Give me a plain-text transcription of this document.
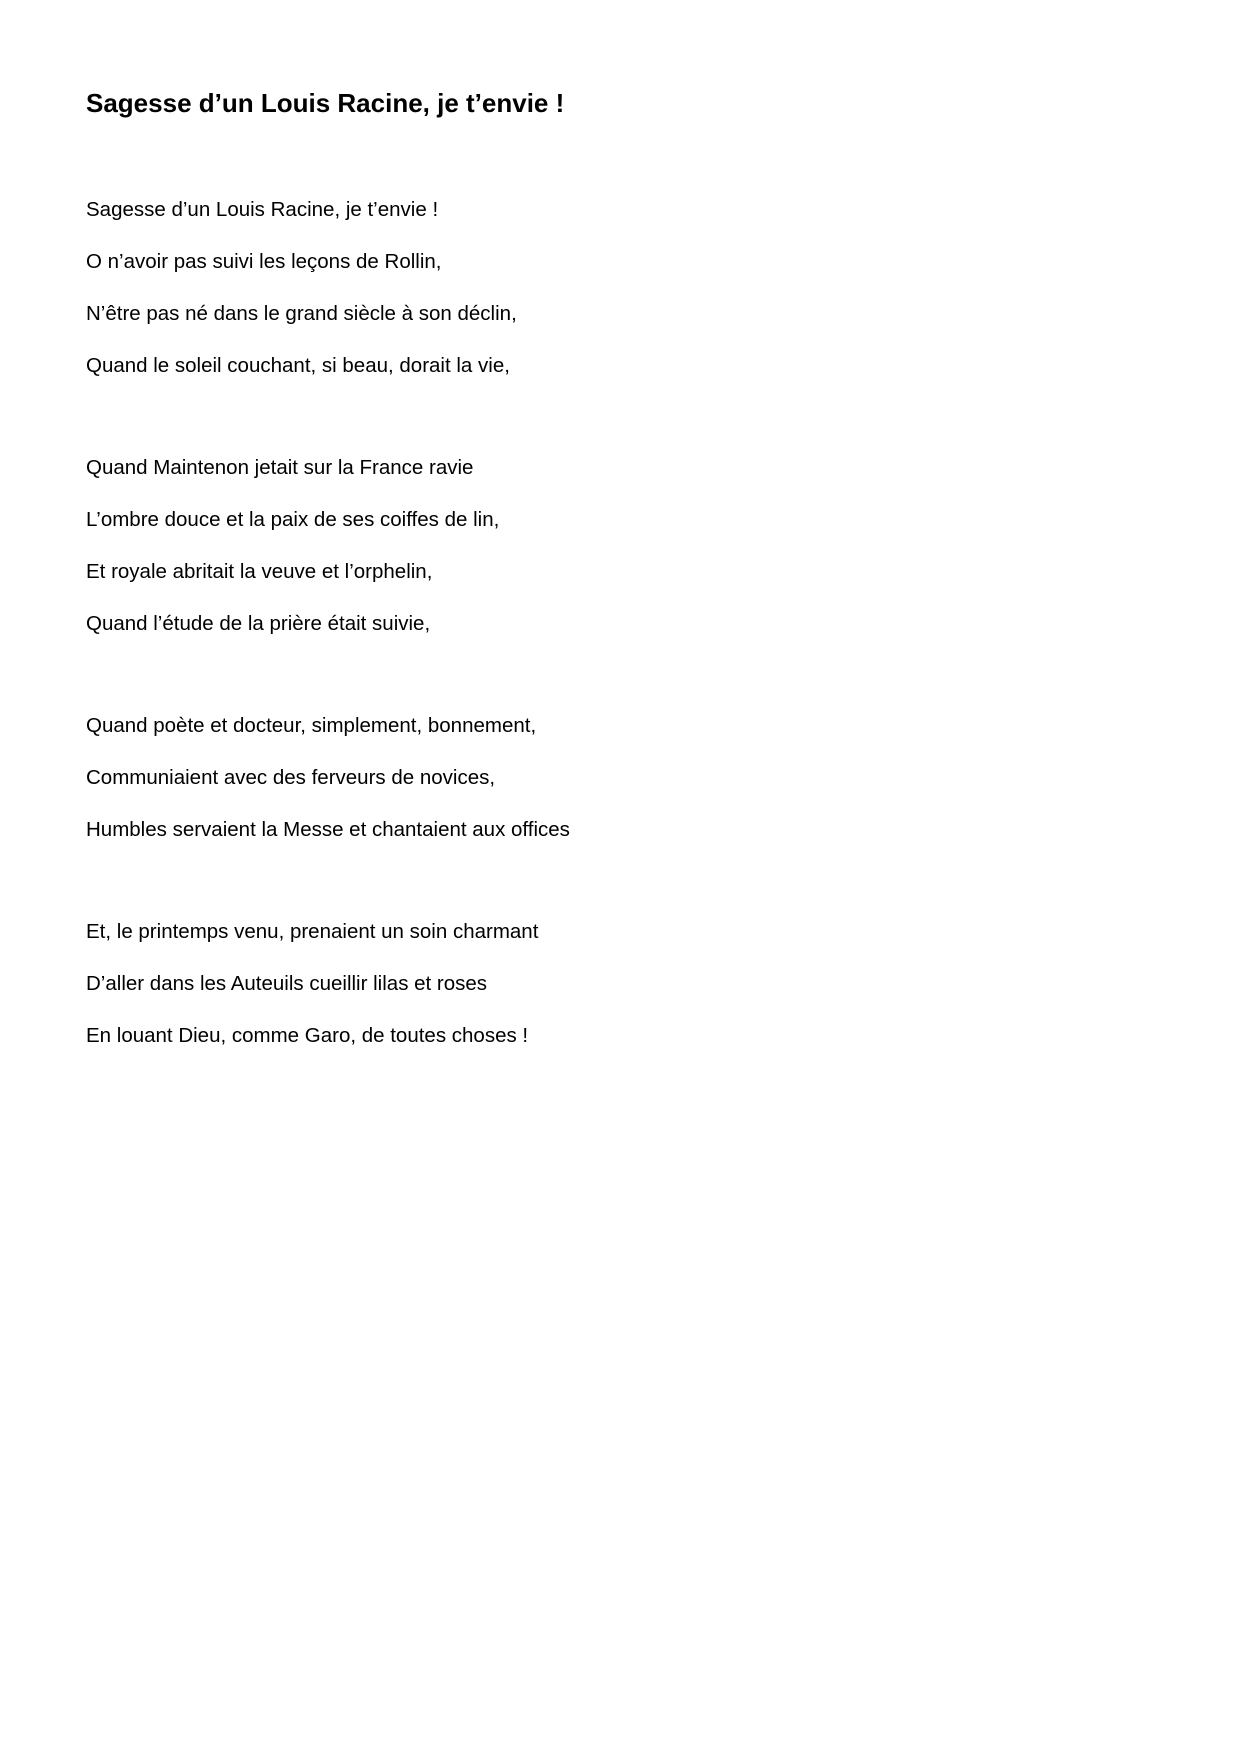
Sagesse d’un Louis Racine, je t’envie !

Sagesse d’un Louis Racine, je t’envie !

O n’avoir pas suivi les leçons de Rollin,

N’être pas né dans le grand siècle à son déclin,

Quand le soleil couchant, si beau, dorait la vie,

Quand Maintenon jetait sur la France ravie

L’ombre douce et la paix de ses coiffes de lin,

Et royale abritait la veuve et l’orphelin,

Quand l’étude de la prière était suivie,

Quand poète et docteur, simplement, bonnement,

Communiaient avec des ferveurs de novices,

Humbles servaient la Messe et chantaient aux offices

Et, le printemps venu, prenaient un soin charmant

D’aller dans les Auteuils cueillir lilas et roses

En louant Dieu, comme Garo, de toutes choses !
